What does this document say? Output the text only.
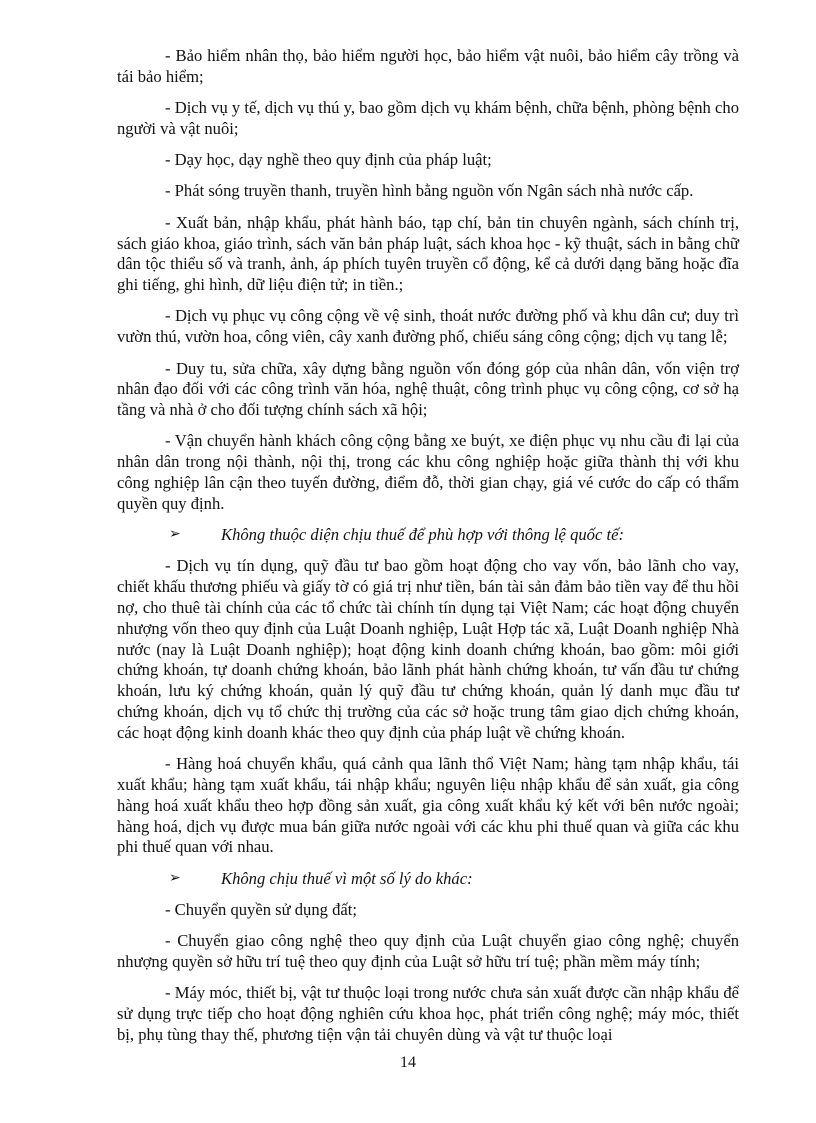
- Bảo hiểm nhân thọ, bảo hiểm người học, bảo hiểm vật nuôi, bảo hiểm cây trồng và tái bảo hiểm;

- Dịch vụ y tế, dịch vụ thú y, bao gồm dịch vụ khám bệnh, chữa bệnh, phòng bệnh cho người và vật nuôi;

- Dạy học, dạy nghề theo quy định của pháp luật;

- Phát sóng truyền thanh, truyền hình bằng nguồn vốn Ngân sách nhà nước cấp.

- Xuất bản, nhập khẩu, phát hành báo, tạp chí, bản tin chuyên ngành, sách chính trị, sách giáo khoa, giáo trình, sách văn bản pháp luật, sách khoa học - kỹ thuật, sách in bằng chữ dân tộc thiểu số và tranh, ảnh, áp phích tuyên truyền cổ động, kể cả dưới dạng băng hoặc đĩa ghi tiếng, ghi hình, dữ liệu điện tử; in tiền.;

- Dịch vụ phục vụ công cộng về vệ sinh, thoát nước đường phố và khu dân cư; duy trì vườn thú, vườn hoa, công viên, cây xanh đường phố, chiếu sáng công cộng; dịch vụ tang lễ;

- Duy tu, sửa chữa, xây dựng bằng nguồn vốn đóng góp của nhân dân, vốn viện trợ nhân đạo đối với các công trình văn hóa, nghệ thuật, công trình phục vụ công cộng, cơ sở hạ tầng và nhà ở cho đối tượng chính sách xã hội;

- Vận chuyển hành khách công cộng bằng xe buýt, xe điện phục vụ nhu cầu đi lại của nhân dân trong nội thành, nội thị, trong các khu công nghiệp hoặc giữa thành thị với khu công nghiệp lân cận theo tuyến đường, điểm đỗ, thời gian chạy, giá vé cước do cấp có thẩm quyền quy định.

➢ Không thuộc diện chịu thuế để phù hợp với thông lệ quốc tế:

- Dịch vụ tín dụng, quỹ đầu tư bao gồm hoạt động cho vay vốn, bảo lãnh cho vay, chiết khấu thương phiếu và giấy tờ có giá trị như tiền, bán tài sản đảm bảo tiền vay để thu hồi nợ, cho thuê tài chính của các tổ chức tài chính tín dụng tại Việt Nam; các hoạt động chuyển nhượng vốn theo quy định của Luật Doanh nghiệp, Luật Hợp tác xã, Luật Doanh nghiệp Nhà nước (nay là Luật Doanh nghiệp); hoạt động kinh doanh chứng khoán, bao gồm: môi giới chứng khoán, tự doanh chứng khoán, bảo lãnh phát hành chứng khoán, tư vấn đầu tư chứng khoán, lưu ký chứng khoán, quản lý quỹ đầu tư chứng khoán, quản lý danh mục đầu tư chứng khoán, dịch vụ tổ chức thị trường của các sở hoặc trung tâm giao dịch chứng khoán, các hoạt động kinh doanh khác theo quy định của pháp luật về chứng khoán.

- Hàng hoá chuyển khẩu, quá cảnh qua lãnh thổ Việt Nam; hàng tạm nhập khẩu, tái xuất khẩu; hàng tạm xuất khẩu, tái nhập khẩu; nguyên liệu nhập khẩu để sản xuất, gia công hàng hoá xuất khẩu theo hợp đồng sản xuất, gia công xuất khẩu ký kết với bên nước ngoài; hàng hoá, dịch vụ được mua bán giữa nước ngoài với các khu phi thuế quan và giữa các khu phi thuế quan với nhau.

➢ Không chịu thuế vì một số lý do khác:

- Chuyển quyền sử dụng đất;

- Chuyển giao công nghệ theo quy định của Luật chuyển giao công nghệ; chuyển nhượng quyền sở hữu trí tuệ theo quy định của Luật sở hữu trí tuệ; phần mềm máy tính;

- Máy móc, thiết bị, vật tư thuộc loại trong nước chưa sản xuất được cần nhập khẩu để sử dụng trực tiếp cho hoạt động nghiên cứu khoa học, phát triển công nghệ; máy móc, thiết bị, phụ tùng thay thế, phương tiện vận tải chuyên dùng và vật tư thuộc loại

14
